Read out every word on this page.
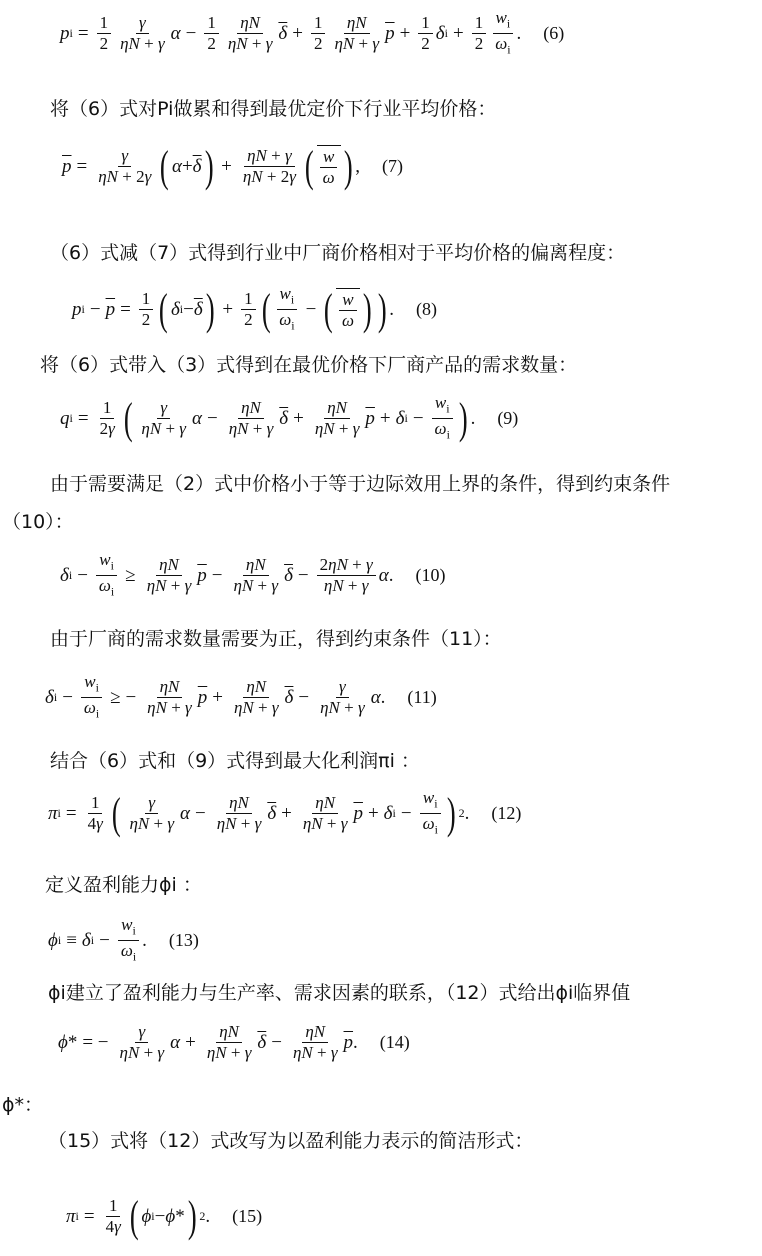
p $i = \frac{1}{2} \frac{\gamma}{\eta N + \gamma}$ $\alpha - \frac{1}{2} \frac{\eta N}{\eta N + \gamma} \overline{\delta} + \frac{1}{2} \frac{\eta N}{\eta N + \gamma} \overline{p} + \frac{1}{2}$ δ $i + \frac{1}{2} \frac{w_i}{\omega_i}$ . (6)
将（6）式对Pi做累和得到最优定价下行业平均价格：
$\overline{p} = \frac{\gamma}{\eta N + 2\gamma}$ ( $\alpha + \overline{\delta}$ ) + $\frac{\eta N + \gamma}{\eta N + 2\gamma}$ ( $\frac{w}{\omega}$ ) , (7)
（6）式减（7）式得到行业中厂商价格相对于平均价格的偏离程度：
p $i - \overline{p} = \frac{1}{2}$ ( δ $i - \overline{\delta}$ ) + $\frac{1}{2}$ ( $\frac{w_i}{\omega_i}$ − ( $\frac{w}{\omega}$ ) ) . (8)
将（6）式带入（3）式得到在最优价格下厂商产品的需求数量：
q $i = \frac{1}{2\gamma}$ ( $\frac{\gamma}{\eta N + \gamma}$ $\alpha - \frac{\eta N}{\eta N + \gamma} \overline{\delta} + \frac{\eta N}{\eta N + \gamma} \overline{p} + \delta$ $i - \frac{w_i}{\omega_i}$ ) . (9)
由于需要满足（2）式中价格小于等于边际效用上界的条件，得到约束条件
（10）：
δ $i - \frac{w_i}{\omega_i} \ge \frac{\eta N}{\eta N + \gamma} \overline{p} - \frac{\eta N}{\eta N + \gamma} \overline{\delta} - \frac{2\eta N + \gamma}{\eta N + \gamma}$ α . (10)
由于厂商的需求数量需要为正，得到约束条件（11）：
δ $i - \frac{w_i}{\omega_i}$ ≥ − $\frac{\eta N}{\eta N + \gamma} \overline{p} + \frac{\eta N}{\eta N + \gamma} \overline{\delta} - \frac{\gamma}{\eta N + \gamma}$ α . (11)
结合（6）式和（9）式得到最大化利润πi ：
π $i = \frac{1}{4\gamma}$ ( $\frac{\gamma}{\eta N + \gamma}$ $\alpha - \frac{\eta N}{\eta N + \gamma} \overline{\delta} + \frac{\eta N}{\eta N + \gamma} \overline{p} + \delta$ $i - \frac{w_i}{\omega_i}$ ) 2 . (12)
定义盈利能力ϕi ：
ϕ i ≡ δ $i - \frac{w_i}{\omega_i}$ . (13)
ϕi建立了盈利能力与生产率、需求因素的联系，（12）式给出ϕi临界值
ϕ * = − $\frac{\gamma}{\eta N + \gamma}$ $\alpha + \frac{\eta N}{\eta N + \gamma} \overline{\delta} - \frac{\eta N}{\eta N + \gamma} \overline{p}$ . (14)
ϕ*：
（15）式将（12）式改写为以盈利能力表示的简洁形式：
π $i = \frac{1}{4\gamma}$ ( ϕ i − ϕ * ) 2 . (15)
